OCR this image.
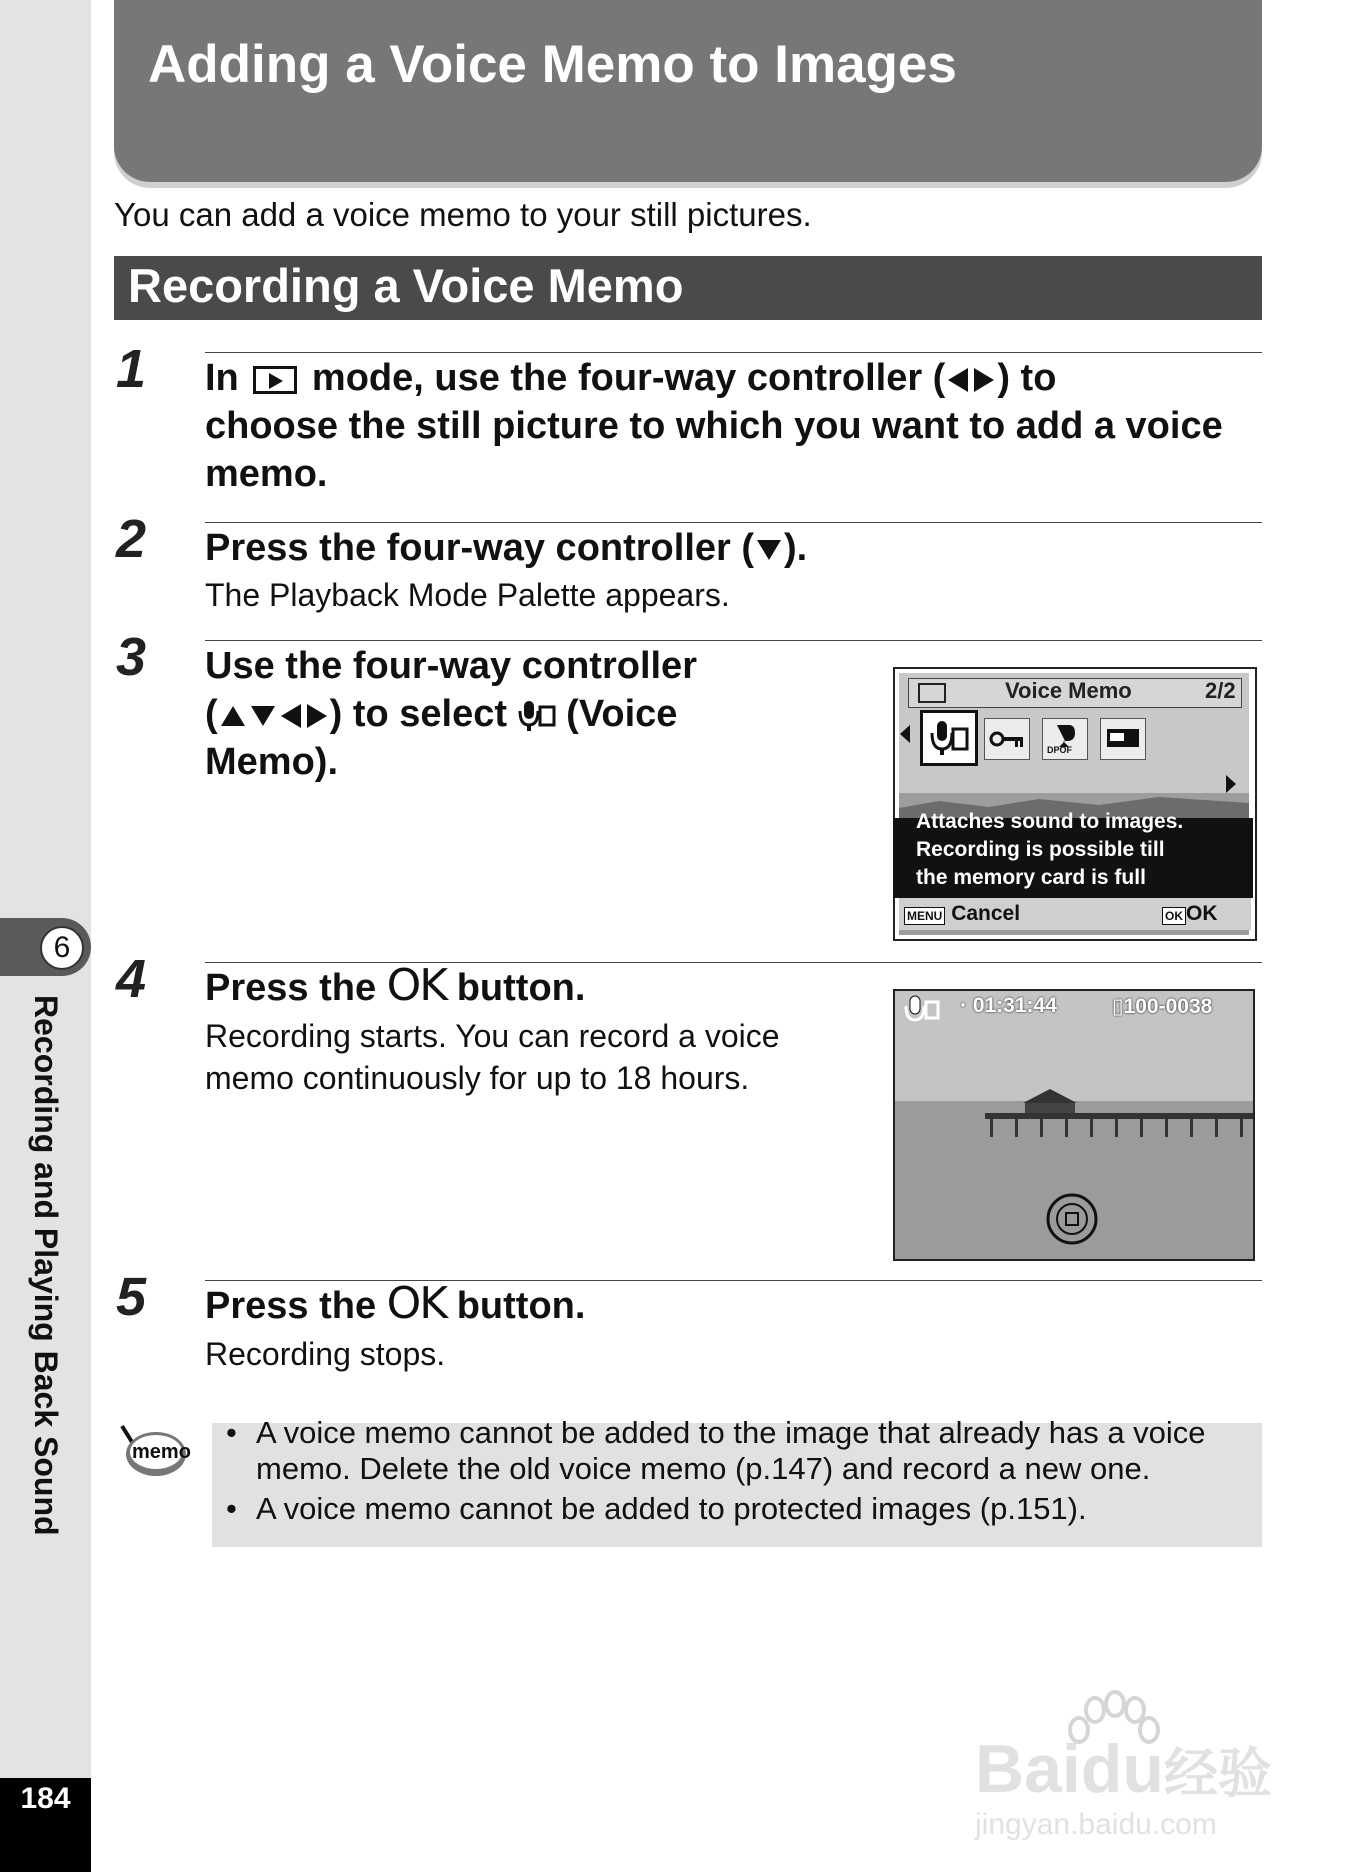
6
Recording and Playing Back Sound
184
Adding a Voice Memo to Images
You can add a voice memo to your still pictures.
Recording a Voice Memo
1 In mode, use the four-way controller ( ) to
choose the still picture to which you want to add a voice
memo.
2 Press the four-way controller ( ).
The Playback Mode Palette appears.
3 Use the four-way controller
(	) to select (Voice
Memo).
Voice Memo	2/2
DPOF
Attaches sound to images.
Recording is possible till
the memory card is full
MENU Cancel	OK OK
4 Press the OK button.
Recording starts. You can record a voice
memo continuously for up to 18 hours.
· 01:31:44	▯100-0038
5 Press the OK button.
Recording stops.
memo
• A voice memo cannot be added to the image that already has a voice
memo. Delete the old voice memo (p.147) and record a new one.
• A voice memo cannot be added to protected images (p.151).
Baidu经验
jingyan.baidu.com
